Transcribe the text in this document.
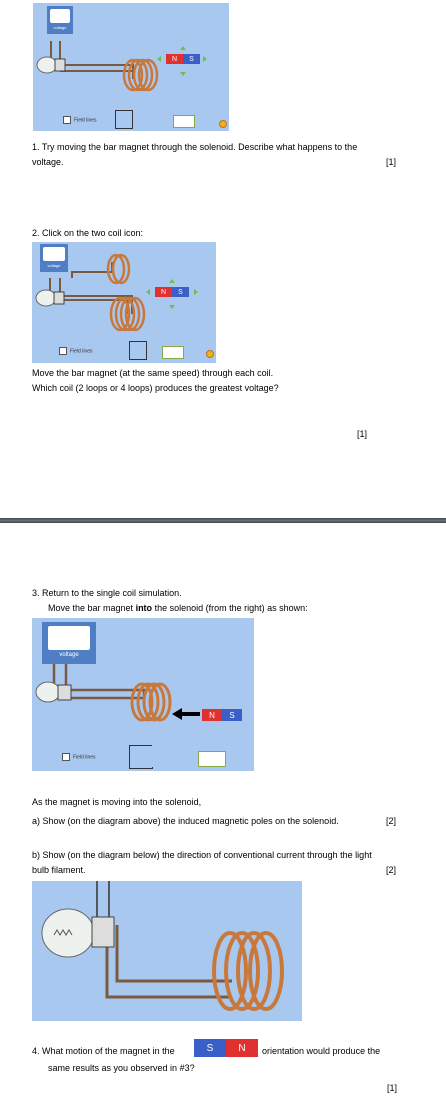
voltage
N	S
Field lines
1. Try moving the bar magnet through the solenoid. Describe what happens to the
voltage.	[1]
2. Click on the two coil icon:
voltage
N	S
Field lines
Move the bar magnet (at the same speed) through each coil.
Which coil (2 loops or 4 loops) produces the greatest voltage?
[1]
3. Return to the single coil simulation.
Move the bar magnet into the solenoid (from the right) as shown:
voltage
N	S
Field lines
As the magnet is moving into the solenoid,
a) Show (on the diagram above) the induced magnetic poles on the solenoid.	[2]
b) Show (on the diagram below) the direction of conventional current through the light
bulb filament.	[2]
4. What motion of the magnet in the	S	N	orientation would produce the
same results as you observed in #3?
[1]
